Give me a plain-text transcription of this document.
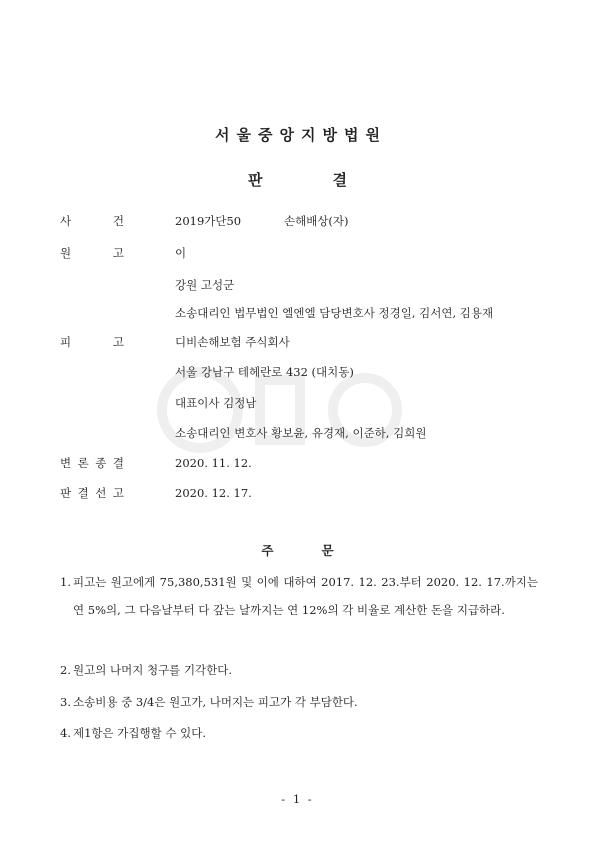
서울중앙지방법원
판	결
사	건	2019가단50	손해배상(자)
원	고	이
강원 고성군
소송대리인 법무법인 엘엔엘 담당변호사 정경일, 김서연, 김용재
피	고	디비손해보험 주식회사
서울 강남구 테헤란로 432 (대치동)
대표이사 김정남
소송대리인 변호사 황보윤, 유경재, 이준하, 김희원
변 론 종 결	2020. 11. 12.
판 결 선 고	2020. 12. 17.
주	문
1. 피고는 원고에게 75,380,531원 및 이에 대하여 2017. 12. 23.부터 2020. 12. 17.까지는 연 5%의, 그 다음날부터 다 갚는 날까지는 연 12%의 각 비율로 계산한 돈을 지급하라.
2. 원고의 나머지 청구를 기각한다.
3. 소송비용 중 3/4은 원고가, 나머지는 피고가 각 부담한다.
4. 제1항은 가집행할 수 있다.
- 1 -
